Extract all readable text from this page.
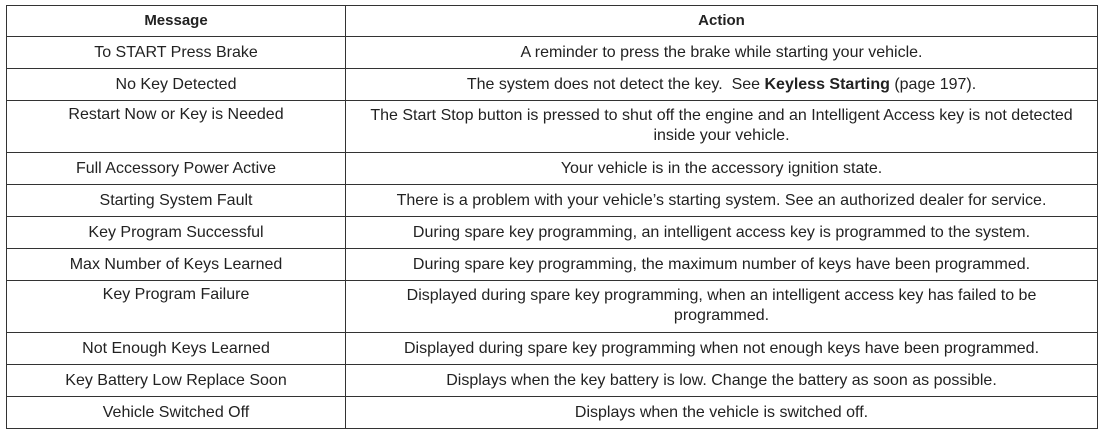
Message	Action
To START Press Brake	A reminder to press the brake while starting your vehicle.
No Key Detected	The system does not detect the key.  See Keyless Starting (page 197).
Restart Now or Key is Needed	The Start Stop button is pressed to shut off the engine and an Intelligent Access key is not detected inside your vehicle.
Full Accessory Power Active	Your vehicle is in the accessory ignition state.
Starting System Fault	There is a problem with your vehicle’s starting system. See an authorized dealer for service.
Key Program Successful	During spare key programming, an intelligent access key is programmed to the system.
Max Number of Keys Learned	During spare key programming, the maximum number of keys have been programmed.
Key Program Failure	Displayed during spare key programming, when an intelligent access key has failed to be programmed.
Not Enough Keys Learned	Displayed during spare key programming when not enough keys have been programmed.
Key Battery Low Replace Soon	Displays when the key battery is low. Change the battery as soon as possible.
Vehicle Switched Off	Displays when the vehicle is switched off.
